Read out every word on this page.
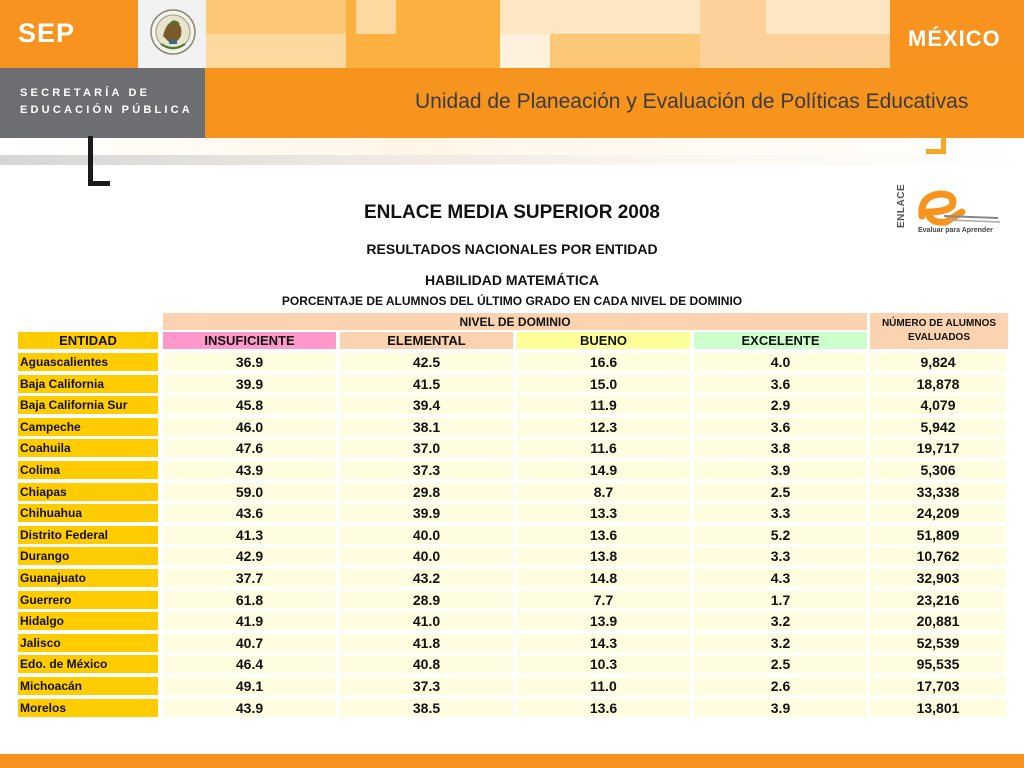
SEP	MÉXICO
SECRETARÍA DE
EDUCACIÓN PÚBLICA	Unidad de Planeación y Evaluación de Políticas Educativas
ENLACE
Evaluar para Aprender
ENLACE MEDIA SUPERIOR 2008
RESULTADOS NACIONALES POR ENTIDAD
HABILIDAD MATEMÁTICA
PORCENTAJE DE ALUMNOS DEL ÚLTIMO GRADO EN CADA NIVEL DE DOMINIO
NIVEL DE DOMINIO	NÚMERO DE ALUMNOS EVALUADOS
ENTIDAD	INSUFICIENTE	ELEMENTAL	BUENO	EXCELENTE
Aguascalientes	36.9	42.5	16.6	4.0	9,824
Baja California	39.9	41.5	15.0	3.6	18,878
Baja California Sur	45.8	39.4	11.9	2.9	4,079
Campeche	46.0	38.1	12.3	3.6	5,942
Coahuila	47.6	37.0	11.6	3.8	19,717
Colima	43.9	37.3	14.9	3.9	5,306
Chiapas	59.0	29.8	8.7	2.5	33,338
Chihuahua	43.6	39.9	13.3	3.3	24,209
Distrito Federal	41.3	40.0	13.6	5.2	51,809
Durango	42.9	40.0	13.8	3.3	10,762
Guanajuato	37.7	43.2	14.8	4.3	32,903
Guerrero	61.8	28.9	7.7	1.7	23,216
Hidalgo	41.9	41.0	13.9	3.2	20,881
Jalisco	40.7	41.8	14.3	3.2	52,539
Edo. de México	46.4	40.8	10.3	2.5	95,535
Michoacán	49.1	37.3	11.0	2.6	17,703
Morelos	43.9	38.5	13.6	3.9	13,801
